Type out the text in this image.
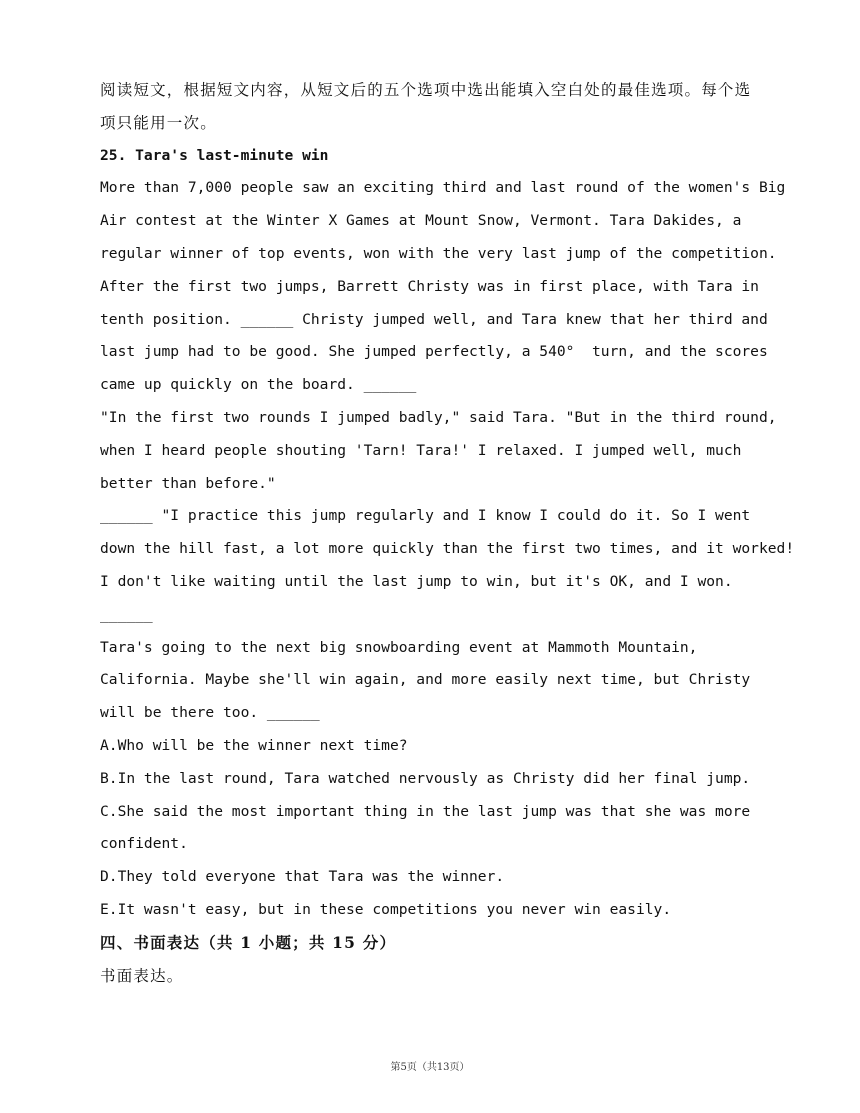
阅读短文，根据短文内容，从短文后的五个选项中选出能填入空白处的最佳选项。每个选
项只能用一次。
25. Tara's last-minute win
More than 7,000 people saw an exciting third and last round of the women's Big
Air contest at the Winter X Games at Mount Snow, Vermont. Tara Dakides, a
regular winner of top events, won with the very last jump of the competition.
After the first two jumps, Barrett Christy was in first place, with Tara in
tenth position. ______ Christy jumped well, and Tara knew that her third and
last jump had to be good. She jumped perfectly, a 540°  turn, and the scores
came up quickly on the board. ______
"In the first two rounds I jumped badly," said Tara. "But in the third round,
when I heard people shouting 'Tarn! Tara!' I relaxed. I jumped well, much
better than before."
______ "I practice this jump regularly and I know I could do it. So I went
down the hill fast, a lot more quickly than the first two times, and it worked!
I don't like waiting until the last jump to win, but it's OK, and I won.
______
Tara's going to the next big snowboarding event at Mammoth Mountain,
California. Maybe she'll win again, and more easily next time, but Christy
will be there too. ______
A.Who will be the winner next time?
B.In the last round, Tara watched nervously as Christy did her final jump.
C.She said the most important thing in the last jump was that she was more
confident.
D.They told everyone that Tara was the winner.
E.It wasn't easy, but in these competitions you never win easily.
四、书面表达（共 1 小题；共 15 分）
书面表达。
第5页（共13页）
